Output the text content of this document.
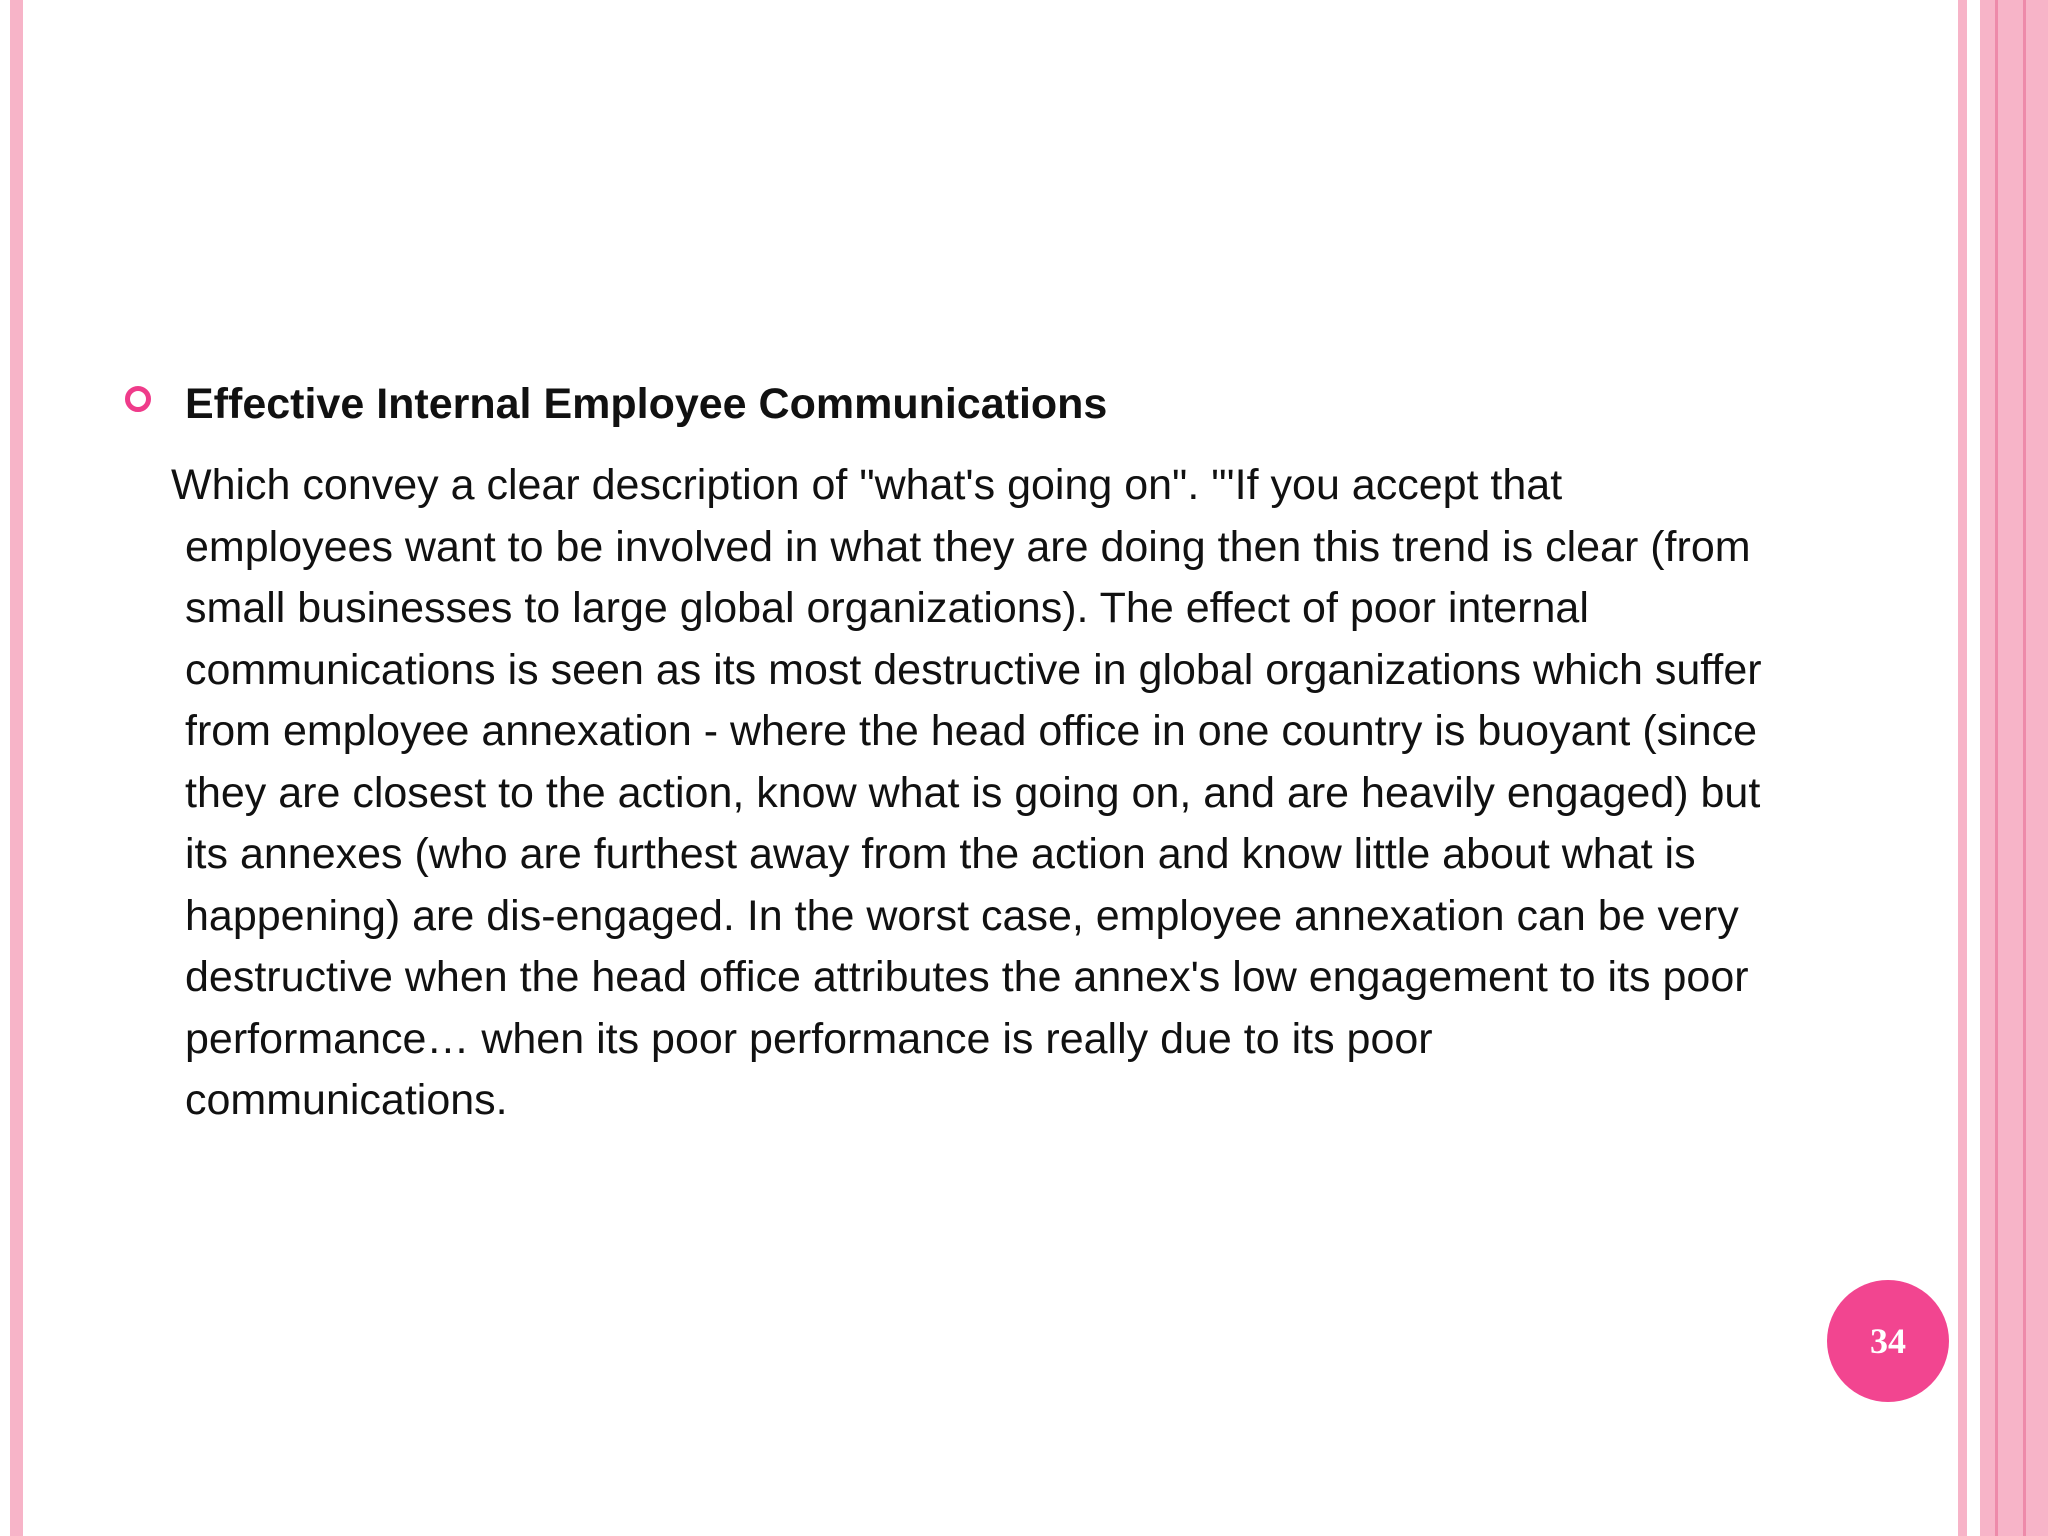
Effective Internal Employee Communications

Which convey a clear description of "what's going on". "'If you accept that employees want to be involved in what they are doing then this trend is clear (from small businesses to large global organizations). The effect of poor internal communications is seen as its most destructive in global organizations which suffer from employee annexation - where the head office in one country is buoyant (since they are closest to the action, know what is going on, and are heavily engaged) but its annexes (who are furthest away from the action and know little about what is happening) are dis-engaged. In the worst case, employee annexation can be very destructive when the head office attributes the annex's low engagement to its poor performance… when its poor performance is really due to its poor communications.

34
